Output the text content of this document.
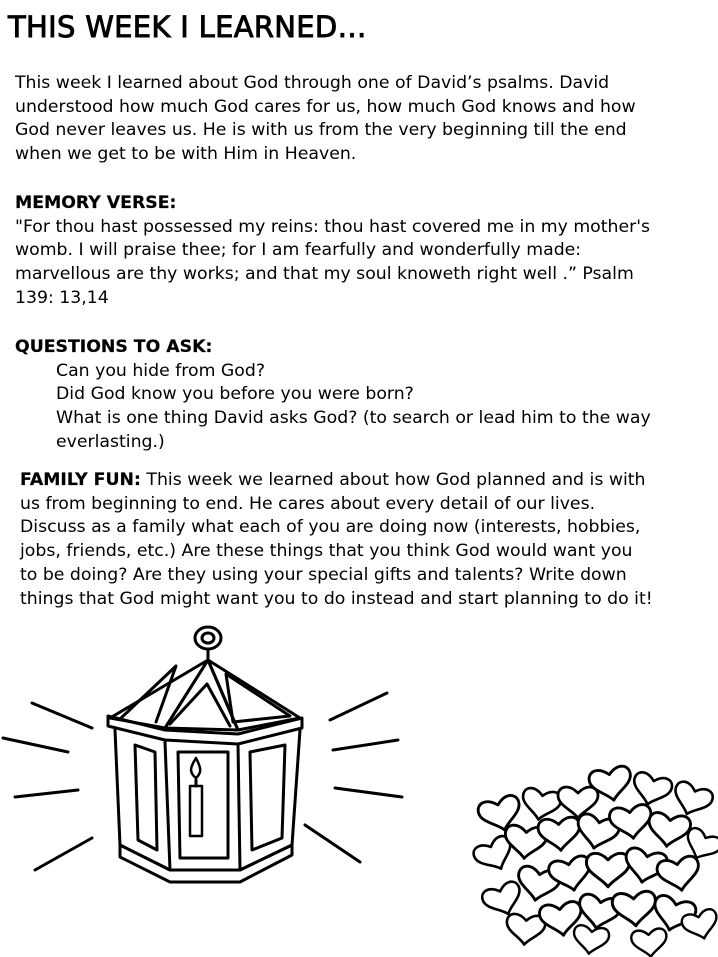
THIS WEEK I LEARNED…
This week I learned about God through one of David’s psalms. David
understood how much God cares for us, how much God knows and how
God never leaves us. He is with us from the very beginning till the end
when we get to be with Him in Heaven.
MEMORY VERSE:
"For thou hast possessed my reins: thou hast covered me in my mother's
womb. I will praise thee; for I am fearfully and wonderfully made:
marvellous are thy works; and that my soul knoweth right well .” Psalm
139: 13,14
QUESTIONS TO ASK:
Can you hide from God?
Did God know you before you were born?
What is one thing David asks God? (to search or lead him to the way
everlasting.)
FAMILY FUN: This week we learned about how God planned and is with
us from beginning to end. He cares about every detail of our lives.
Discuss as a family what each of you are doing now (interests, hobbies,
jobs, friends, etc.) Are these things that you think God would want you
to be doing? Are they using your special gifts and talents? Write down
things that God might want you to do instead and start planning to do it!
